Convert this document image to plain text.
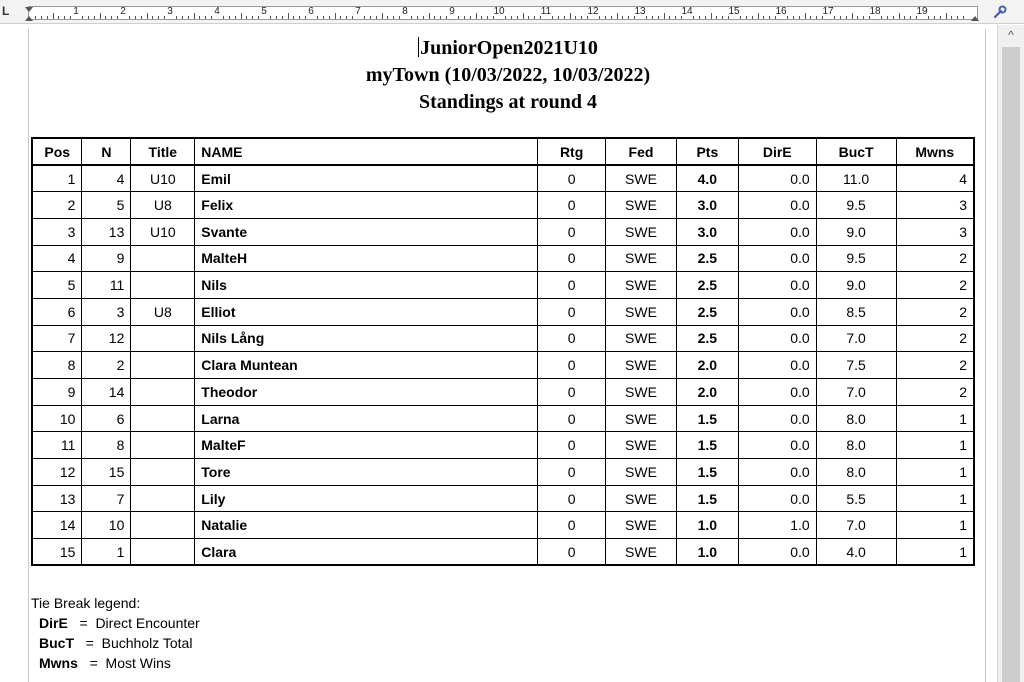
L	1	2	3	4	5	6	7	8	9	10	11	12	13	14	15	16	17	18	19
JuniorOpen2021U10
myTown (10/03/2022, 10/03/2022)
Standings at round 4
Pos	N	Title	NAME	Rtg	Fed	Pts	DirE	BucT	Mwns
1	4	U10	Emil	0	SWE	4.0	0.0	11.0	4
2	5	U8	Felix	0	SWE	3.0	0.0	9.5	3
3	13	U10	Svante	0	SWE	3.0	0.0	9.0	3
4	9		MalteH	0	SWE	2.5	0.0	9.5	2
5	11		Nils	0	SWE	2.5	0.0	9.0	2
6	3	U8	Elliot	0	SWE	2.5	0.0	8.5	2
7	12		Nils Lång	0	SWE	2.5	0.0	7.0	2
8	2		Clara Muntean	0	SWE	2.0	0.0	7.5	2
9	14		Theodor	0	SWE	2.0	0.0	7.0	2
10	6		Larna	0	SWE	1.5	0.0	8.0	1
11	8		MalteF	0	SWE	1.5	0.0	8.0	1
12	15		Tore	0	SWE	1.5	0.0	8.0	1
13	7		Lily	0	SWE	1.5	0.0	5.5	1
14	10		Natalie	0	SWE	1.0	1.0	7.0	1
15	1		Clara	0	SWE	1.0	0.0	4.0	1
Tie Break legend:
DirE = Direct Encounter
BucT = Buchholz Total
Mwns = Most Wins
^
